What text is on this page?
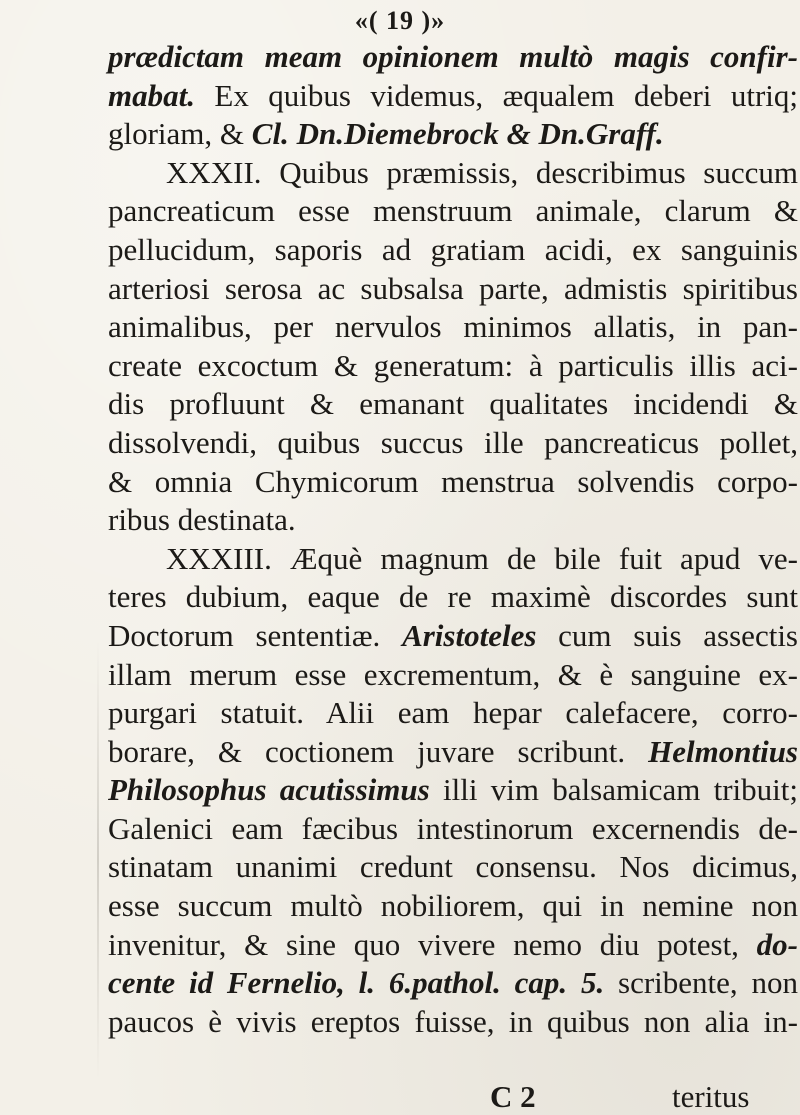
«( 19 )»
prædictam meam opinionem multò magis confir-
mabat. Ex quibus videmus, æqualem deberi utriq;
gloriam, & Cl. Dn.Diemebrock & Dn.Graff.
XXXII. Quibus præmissis, describimus succum
pancreaticum esse menstruum animale, clarum &
pellucidum, saporis ad gratiam acidi, ex sanguinis
arteriosi serosa ac subsalsa parte, admistis spiritibus
animalibus, per nervulos minimos allatis, in pan-
create excoctum & generatum: à particulis illis aci-
dis profluunt & emanant qualitates incidendi &
dissolvendi, quibus succus ille pancreaticus pollet,
& omnia Chymicorum menstrua solvendis corpo-
ribus destinata.
XXXIII. Æquè magnum de bile fuit apud ve-
teres dubium, eaque de re maximè discordes sunt
Doctorum sententiæ. Aristoteles cum suis assectis
illam merum esse excrementum, & è sanguine ex-
purgari statuit. Alii eam hepar calefacere, corro-
borare, & coctionem juvare scribunt. Helmontius
Philosophus acutissimus illi vim balsamicam tribuit;
Galenici eam fæcibus intestinorum excernendis de-
stinatam unanimi credunt consensu. Nos dicimus,
esse succum multò nobiliorem, qui in nemine non
invenitur, & sine quo vivere nemo diu potest, do-
cente id Fernelio, l. 6.pathol. cap. 5. scribente, non
paucos è vivis ereptos fuisse, in quibus non alia in-
C 2	teritus
